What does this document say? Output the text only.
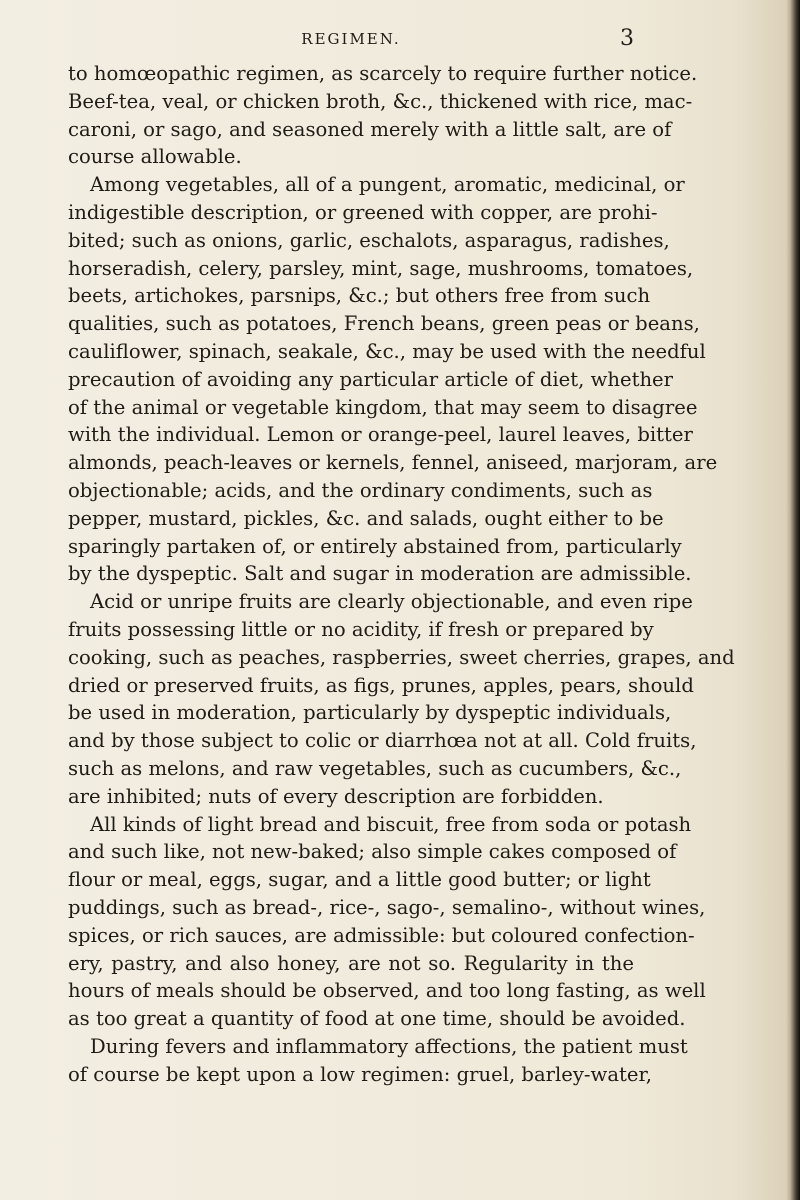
REGIMEN.	3
to homœopathic regimen, as scarcely to require further notice.
Beef-tea, veal, or chicken broth, &c., thickened with rice, mac-
caroni, or sago, and seasoned merely with a little salt, are of
course allowable.
Among vegetables, all of a pungent, aromatic, medicinal, or
indigestible description, or greened with copper, are prohi-
bited; such as onions, garlic, eschalots, asparagus, radishes,
horseradish, celery, parsley, mint, sage, mushrooms, tomatoes,
beets, artichokes, parsnips, &c.; but others free from such
qualities, such as potatoes, French beans, green peas or beans,
cauliflower, spinach, seakale, &c., may be used with the needful
precaution of avoiding any particular article of diet, whether
of the animal or vegetable kingdom, that may seem to disagree
with the individual. Lemon or orange-peel, laurel leaves, bitter
almonds, peach-leaves or kernels, fennel, aniseed, marjoram, are
objectionable; acids, and the ordinary condiments, such as
pepper, mustard, pickles, &c. and salads, ought either to be
sparingly partaken of, or entirely abstained from, particularly
by the dyspeptic. Salt and sugar in moderation are admissible.
Acid or unripe fruits are clearly objectionable, and even ripe
fruits possessing little or no acidity, if fresh or prepared by
cooking, such as peaches, raspberries, sweet cherries, grapes, and
dried or preserved fruits, as figs, prunes, apples, pears, should
be used in moderation, particularly by dyspeptic individuals,
and by those subject to colic or diarrhœa not at all. Cold fruits,
such as melons, and raw vegetables, such as cucumbers, &c.,
are inhibited; nuts of every description are forbidden.
All kinds of light bread and biscuit, free from soda or potash
and such like, not new-baked; also simple cakes composed of
flour or meal, eggs, sugar, and a little good butter; or light
puddings, such as bread-, rice-, sago-, semalino-, without wines,
spices, or rich sauces, are admissible: but coloured confection-
ery, pastry, and also honey, are not so. Regularity in the
hours of meals should be observed, and too long fasting, as well
as too great a quantity of food at one time, should be avoided.
During fevers and inflammatory affections, the patient must
of course be kept upon a low regimen: gruel, barley-water,
